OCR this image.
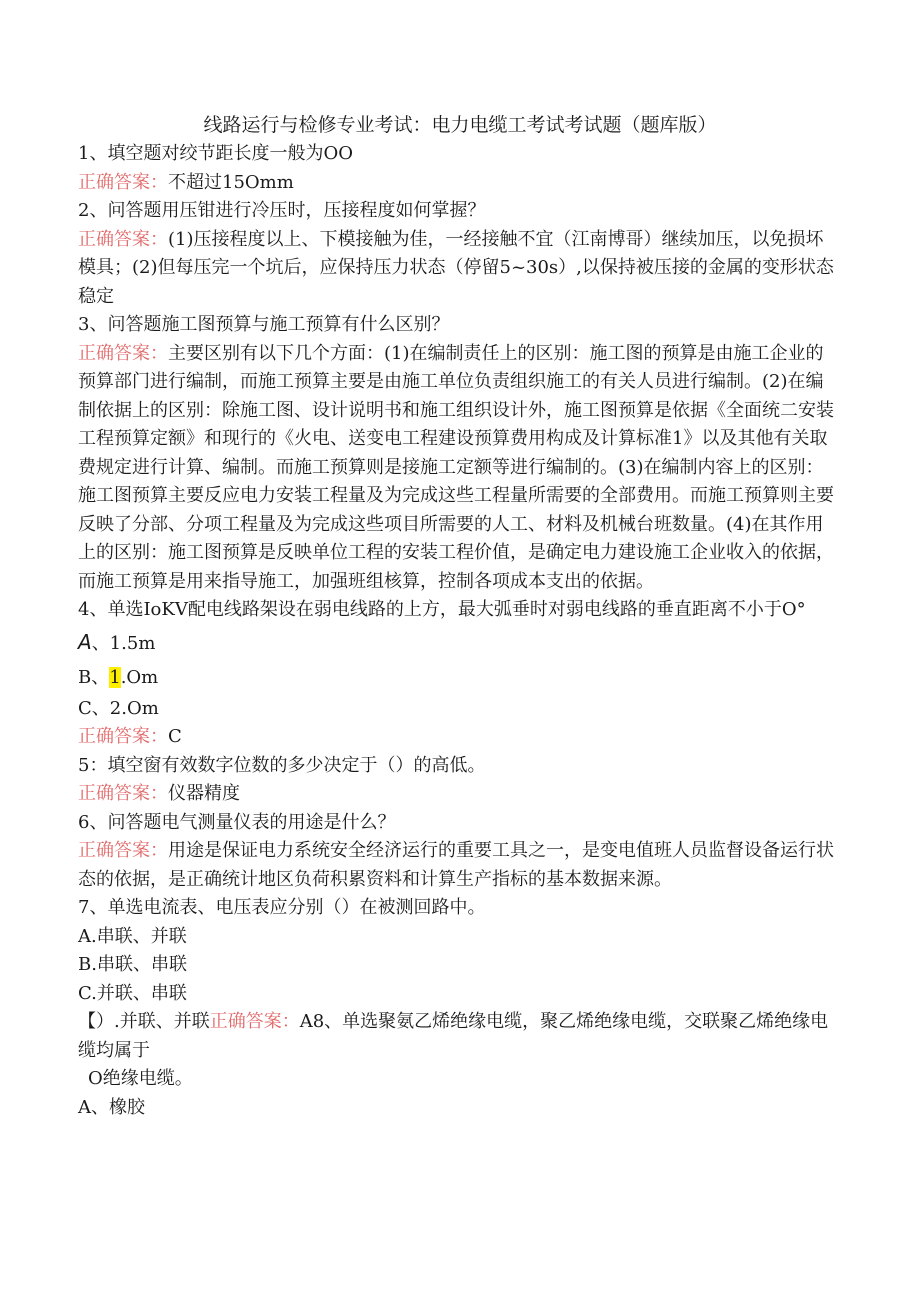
线路运行与检修专业考试：电力电缆工考试考试题（题库版）

1、填空题对绞节距长度一般为OO

正确答案：不超过15Omm

2、问答题用压钳进行冷压时，压接程度如何掌握？

正确答案：(1)压接程度以上、下模接触为佳，一经接触不宜（江南博哥）继续加压，以免损坏模具；(2)但每压完一个坑后，应保持压力状态（停留5~30s）,以保持被压接的金属的变形状态稳定

3、问答题施工图预算与施工预算有什么区别？

正确答案：主要区别有以下几个方面：(1)在编制责任上的区别：施工图的预算是由施工企业的预算部门进行编制，而施工预算主要是由施工单位负责组织施工的有关人员进行编制。(2)在编制依据上的区别：除施工图、设计说明书和施工组织设计外，施工图预算是依据《全面统二安装工程预算定额》和现行的《火电、送变电工程建设预算费用构成及计算标准1》以及其他有关取费规定进行计算、编制。而施工预算则是接施工定额等进行编制的。(3)在编制内容上的区别：施工图预算主要反应电力安装工程量及为完成这些工程量所需要的全部费用。而施工预算则主要反映了分部、分项工程量及为完成这些项目所需要的人工、材料及机械台班数量。(4)在其作用上的区别：施工图预算是反映单位工程的安装工程价值，是确定电力建设施工企业收入的依据，而施工预算是用来指导施工，加强班组核算，控制各项成本支出的依据。

4、单选IoKV配电线路架设在弱电线路的上方，最大弧垂时对弱电线路的垂直距离不小于O°

A、1.5m

B、1.Om

C、2.Om

正确答案：C

5：填空窗有效数字位数的多少决定于（）的高低。

正确答案：仪器精度

6、问答题电气测量仪表的用途是什么？

正确答案：用途是保证电力系统安全经济运行的重要工具之一，是变电值班人员监督设备运行状态的依据，是正确统计地区负荷积累资料和计算生产指标的基本数据来源。

7、单选电流表、电压表应分别（）在被测回路中。

A.串联、并联

B.串联、串联

C.并联、串联

【）.并联、并联正确答案：A8、单选聚氨乙烯绝缘电缆，聚乙烯绝缘电缆，交联聚乙烯绝缘电缆均属于

O绝缘电缆。

A、橡胶
